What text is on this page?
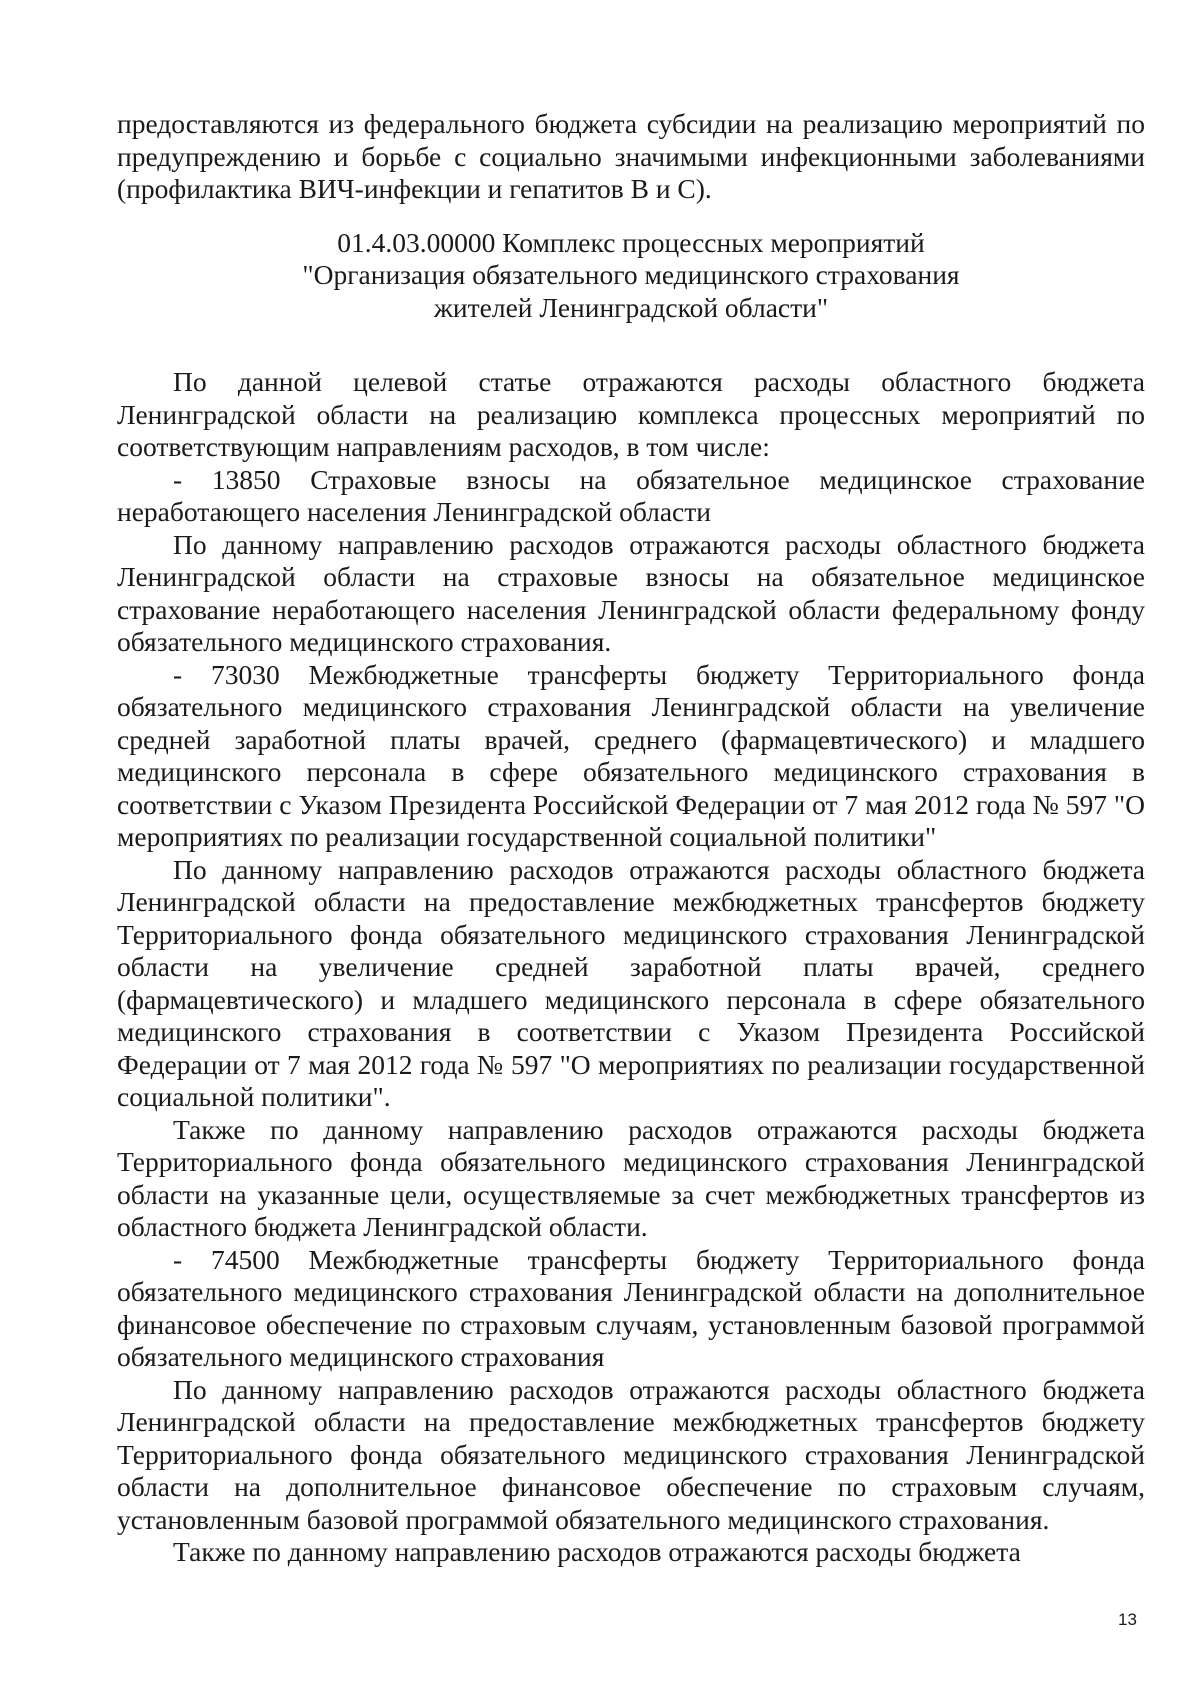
предоставляются из федерального бюджета субсидии на реализацию мероприятий по предупреждению и борьбе с социально значимыми инфекционными заболеваниями (профилактика ВИЧ-инфекции и гепатитов В и С).

01.4.03.00000 Комплекс процессных мероприятий
"Организация обязательного медицинского страхования
жителей Ленинградской области"

По данной целевой статье отражаются расходы областного бюджета Ленинградской области на реализацию комплекса процессных мероприятий по соответствующим направлениям расходов, в том числе:

- 13850 Страховые взносы на обязательное медицинское страхование неработающего населения Ленинградской области

По данному направлению расходов отражаются расходы областного бюджета Ленинградской области на страховые взносы на обязательное медицинское страхование неработающего населения Ленинградской области федеральному фонду обязательного медицинского страхования.

- 73030 Межбюджетные трансферты бюджету Территориального фонда обязательного медицинского страхования Ленинградской области на увеличение средней заработной платы врачей, среднего (фармацевтического) и младшего медицинского персонала в сфере обязательного медицинского страхования в соответствии с Указом Президента Российской Федерации от 7 мая 2012 года № 597 "О мероприятиях по реализации государственной социальной политики"

По данному направлению расходов отражаются расходы областного бюджета Ленинградской области на предоставление межбюджетных трансфертов бюджету Территориального фонда обязательного медицинского страхования Ленинградской области на увеличение средней заработной платы врачей, среднего (фармацевтического) и младшего медицинского персонала в сфере обязательного медицинского страхования в соответствии с Указом Президента Российской Федерации от 7 мая 2012 года № 597 "О мероприятиях по реализации государственной социальной политики".

Также по данному направлению расходов отражаются расходы бюджета Территориального фонда обязательного медицинского страхования Ленинградской области на указанные цели, осуществляемые за счет межбюджетных трансфертов из областного бюджета Ленинградской области.

- 74500 Межбюджетные трансферты бюджету Территориального фонда обязательного медицинского страхования Ленинградской области на дополнительное финансовое обеспечение по страховым случаям, установленным базовой программой обязательного медицинского страхования

По данному направлению расходов отражаются расходы областного бюджета Ленинградской области на предоставление межбюджетных трансфертов бюджету Территориального фонда обязательного медицинского страхования Ленинградской области на дополнительное финансовое обеспечение по страховым случаям, установленным базовой программой обязательного медицинского страхования.

Также по данному направлению расходов отражаются расходы бюджета

13
